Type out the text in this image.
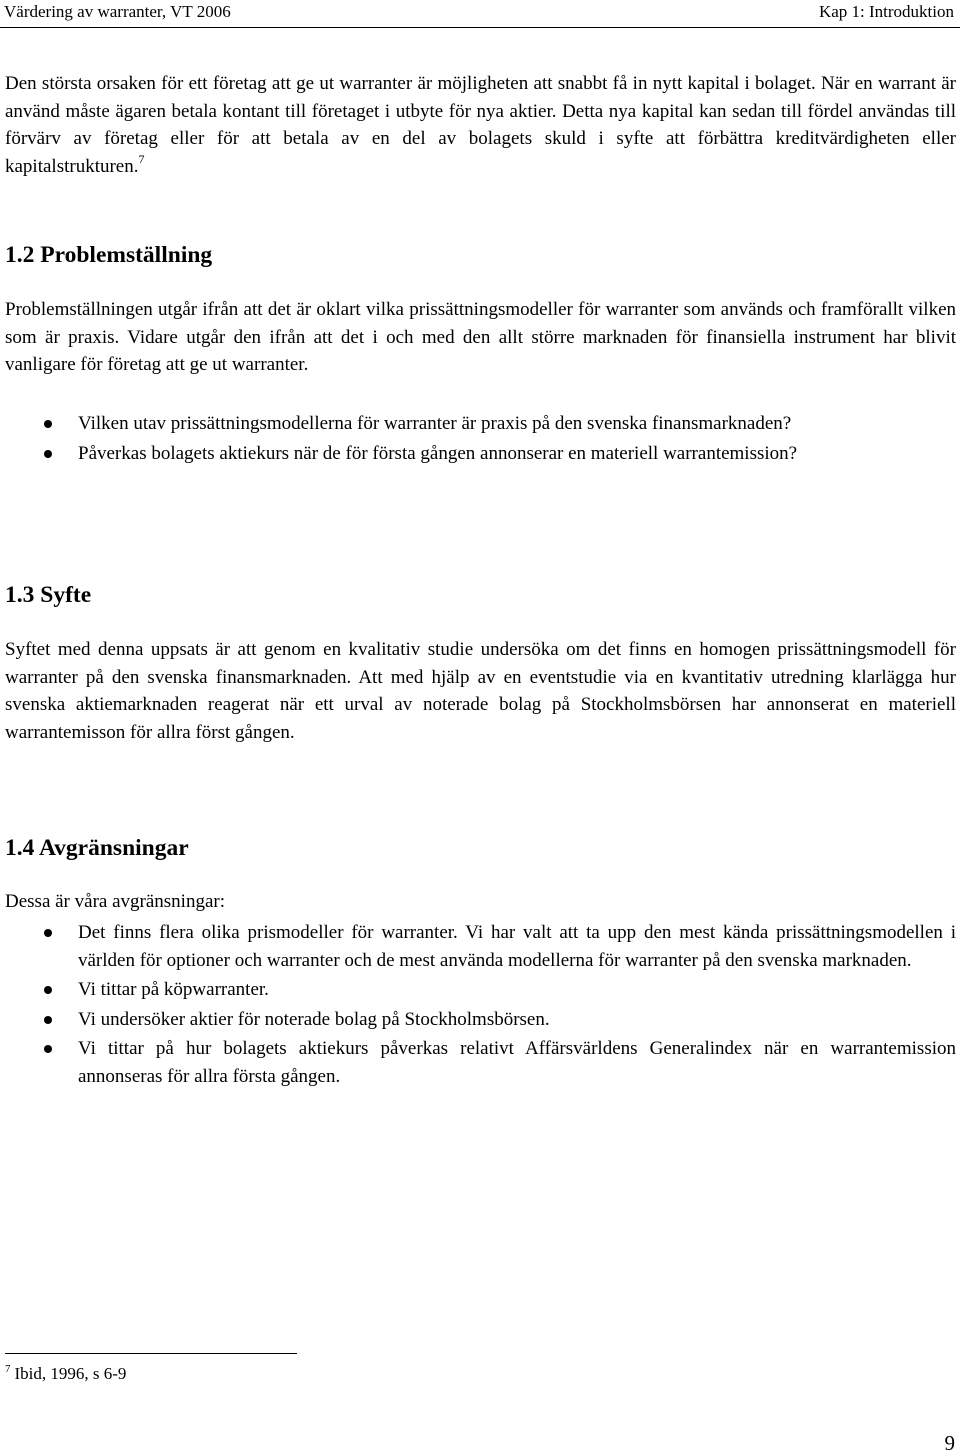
Värdering av warranter, VT 2006	Kap 1: Introduktion

Den största orsaken för ett företag att ge ut warranter är möjligheten att snabbt få in nytt kapital i bolaget. När en warrant är använd måste ägaren betala kontant till företaget i utbyte för nya aktier. Detta nya kapital kan sedan till fördel användas till förvärv av företag eller för att betala av en del av bolagets skuld i syfte att förbättra kreditvärdigheten eller kapitalstrukturen.$^7$

1.2 Problemställning

Problemställningen utgår ifrån att det är oklart vilka prissättningsmodeller för warranter som används och framförallt vilken som är praxis. Vidare utgår den ifrån att det i och med den allt större marknaden för finansiella instrument har blivit vanligare för företag att ge ut warranter.

Vilken utav prissättningsmodellerna för warranter är praxis på den svenska finansmarknaden?
Påverkas bolagets aktiekurs när de för första gången annonserar en materiell warrantemission?
1.3 Syfte

Syftet med denna uppsats är att genom en kvalitativ studie undersöka om det finns en homogen prissättningsmodell för warranter på den svenska finansmarknaden. Att med hjälp av en eventstudie via en kvantitativ utredning klarlägga hur svenska aktiemarknaden reagerat när ett urval av noterade bolag på Stockholmsbörsen har annonserat en materiell warrantemisson för allra först gången.

1.4 Avgränsningar

Dessa är våra avgränsningar:

Det finns flera olika prismodeller för warranter. Vi har valt att ta upp den mest kända prissättningsmodellen i världen för optioner och warranter och de mest använda modellerna för warranter på den svenska marknaden.
Vi tittar på köpwarranter.
Vi undersöker aktier för noterade bolag på Stockholmsbörsen.
Vi tittar på hur bolagets aktiekurs påverkas relativt Affärsvärldens Generalindex när en warrantemission annonseras för allra första gången.
$^7$ Ibid, 1996, s 6-9
9
